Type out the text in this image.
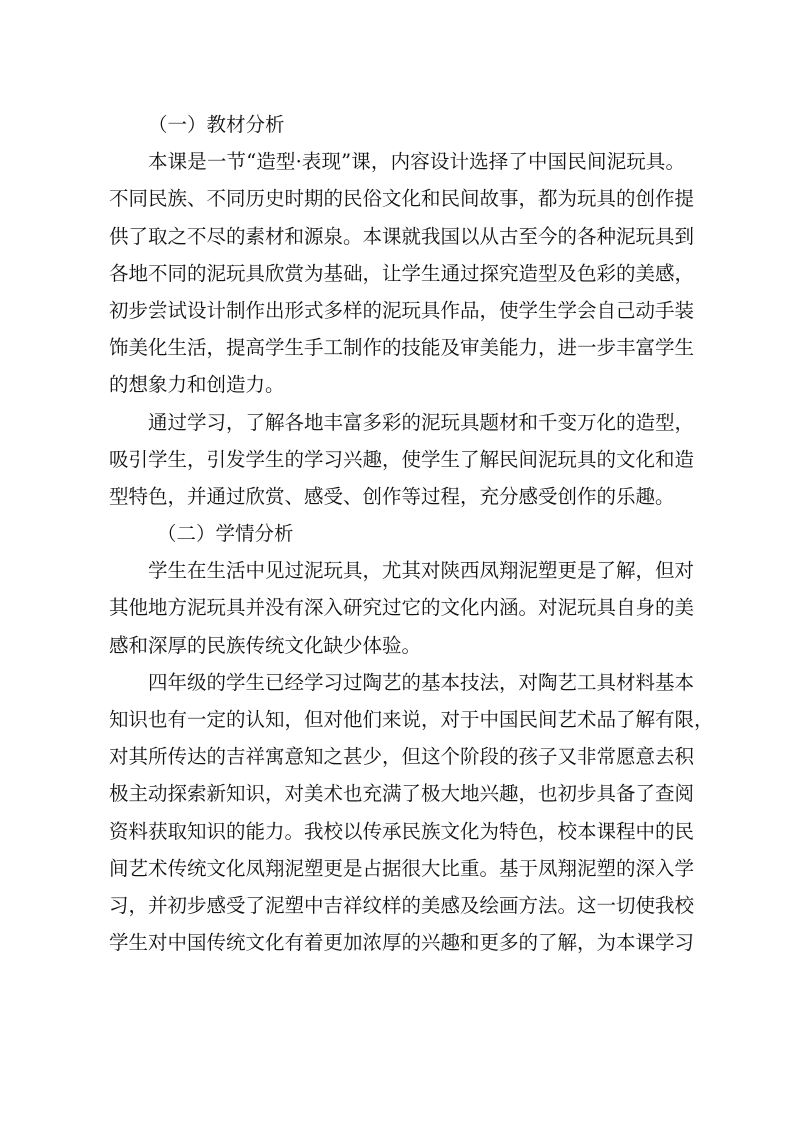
（一）教材分析
本课是一节“造型·表现”课，内容设计选择了中国民间泥玩具。
不同民族、不同历史时期的民俗文化和民间故事，都为玩具的创作提
供了取之不尽的素材和源泉。本课就我国以从古至今的各种泥玩具到
各地不同的泥玩具欣赏为基础，让学生通过探究造型及色彩的美感，
初步尝试设计制作出形式多样的泥玩具作品，使学生学会自己动手装
饰美化生活，提高学生手工制作的技能及审美能力，进一步丰富学生
的想象力和创造力。
通过学习，了解各地丰富多彩的泥玩具题材和千变万化的造型，
吸引学生，引发学生的学习兴趣，使学生了解民间泥玩具的文化和造
型特色，并通过欣赏、感受、创作等过程，充分感受创作的乐趣。
（二）学情分析
学生在生活中见过泥玩具，尤其对陕西凤翔泥塑更是了解，但对
其他地方泥玩具并没有深入研究过它的文化内涵。对泥玩具自身的美
感和深厚的民族传统文化缺少体验。
四年级的学生已经学习过陶艺的基本技法，对陶艺工具材料基本
知识也有一定的认知，但对他们来说，对于中国民间艺术品了解有限，
对其所传达的吉祥寓意知之甚少，但这个阶段的孩子又非常愿意去积
极主动探索新知识，对美术也充满了极大地兴趣，也初步具备了查阅
资料获取知识的能力。我校以传承民族文化为特色，校本课程中的民
间艺术传统文化凤翔泥塑更是占据很大比重。基于凤翔泥塑的深入学
习，并初步感受了泥塑中吉祥纹样的美感及绘画方法。这一切使我校
学生对中国传统文化有着更加浓厚的兴趣和更多的了解，为本课学习
